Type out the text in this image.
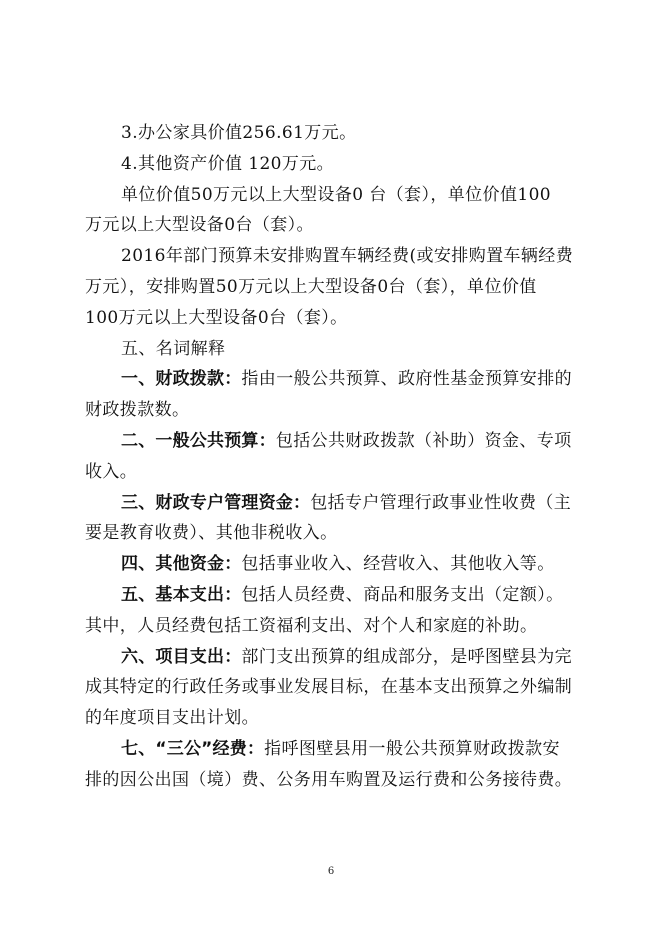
3.办公家具价值256.61万元。
4.其他资产价值 120万元。
单位价值50万元以上大型设备0 台（套），单位价值100
万元以上大型设备0台（套）。
2016年部门预算未安排购置车辆经费(或安排购置车辆经费
万元），安排购置50万元以上大型设备0台（套），单位价值
100万元以上大型设备0台（套）。
五、名词解释
一、财政拨款：指由一般公共预算、政府性基金预算安排的
财政拨款数。
二、一般公共预算：包括公共财政拨款（补助）资金、专项
收入。
三、财政专户管理资金：包括专户管理行政事业性收费（主
要是教育收费）、其他非税收入。
四、其他资金：包括事业收入、经营收入、其他收入等。
五、基本支出：包括人员经费、商品和服务支出（定额）。
其中，人员经费包括工资福利支出、对个人和家庭的补助。
六、项目支出：部门支出预算的组成部分，是呼图壁县为完
成其特定的行政任务或事业发展目标，在基本支出预算之外编制
的年度项目支出计划。
七、“三公”经费：指呼图壁县用一般公共预算财政拨款安
排的因公出国（境）费、公务用车购置及运行费和公务接待费。
6
